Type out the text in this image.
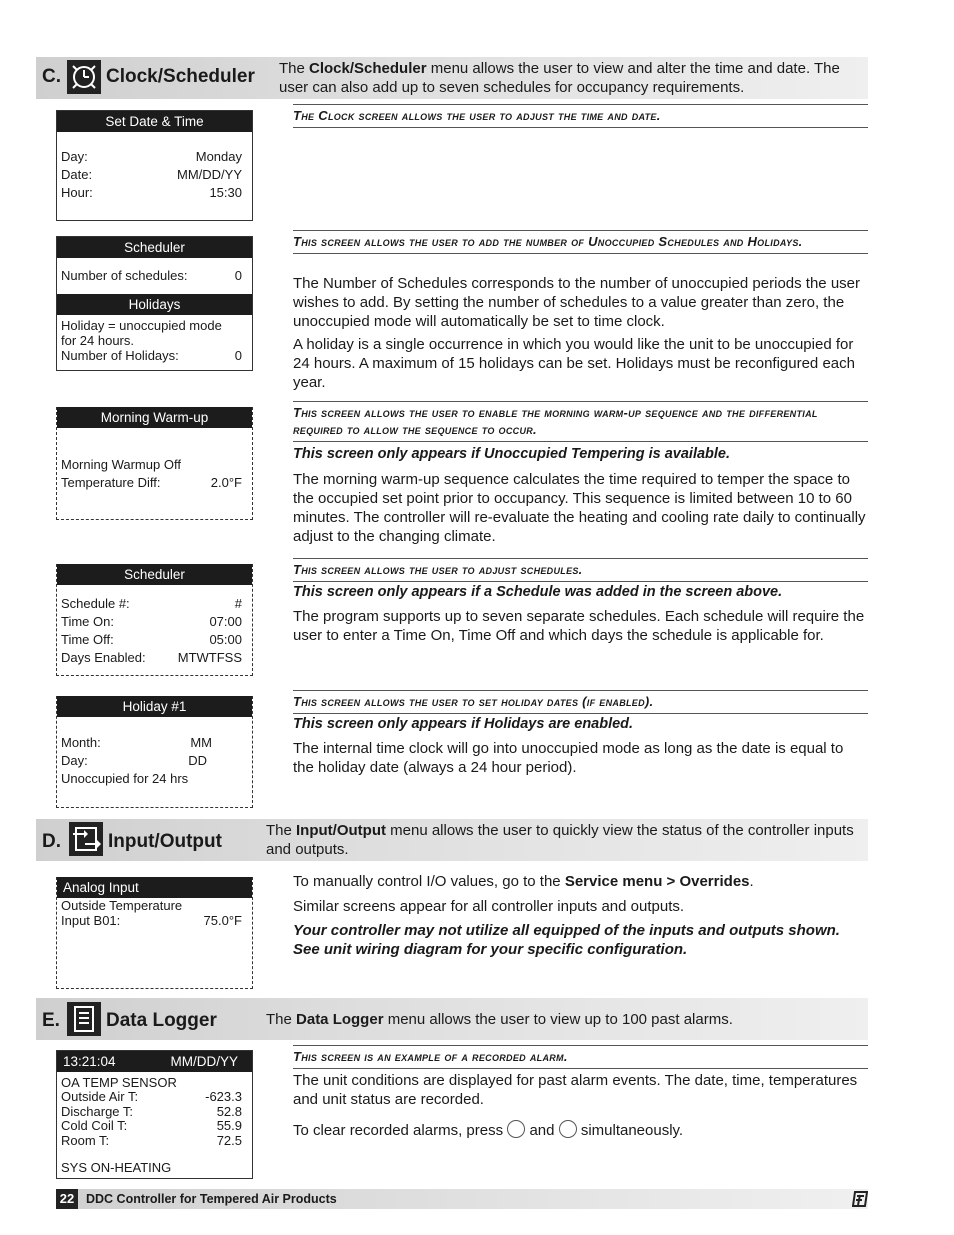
C. Clock/Scheduler The Clock/Scheduler menu allows the user to view and alter the time and date. The user can also add up to seven schedules for occupancy requirements.
Set Date & Time
Day:	Monday
Date:	MM/DD/YY
Hour:	15:30
The Clock screen allows the user to adjust the time and date.
Scheduler
Number of schedules:	0
Holidays
Holiday = unoccupied mode
for 24 hours.
Number of Holidays:	0
This screen allows the user to add the number of Unoccupied Schedules and Holidays.
The Number of Schedules corresponds to the number of unoccupied periods the user wishes to add. By setting the number of schedules to a value greater than zero, the unoccupied mode will automatically be set to time clock.
A holiday is a single occurrence in which you would like the unit to be unoccupied for 24 hours. A maximum of 15 holidays can be set. Holidays must be reconfigured each year.
Morning Warm-up
Morning Warmup Off
Temperature Diff:	2.0°F
This screen allows the user to enable the morning warm-up sequence and the differential required to allow the sequence to occur.
This screen only appears if Unoccupied Tempering is available.
The morning warm-up sequence calculates the time required to temper the space to the occupied set point prior to occupancy. This sequence is limited between 10 to 60 minutes. The controller will re-evaluate the heating and cooling rate daily to continually adjust to the changing climate.
Scheduler
Schedule #:	#
Time On:	07:00
Time Off:	05:00
Days Enabled: MTWTFSS
This screen allows the user to adjust schedules.
This screen only appears if a Schedule was added in the screen above.
The program supports up to seven separate schedules. Each schedule will require the user to enter a Time On, Time Off and which days the schedule is applicable for.
Holiday #1
Month:	MM
Day:	DD
Unoccupied for 24 hrs
This screen allows the user to set holiday dates (if enabled).
This screen only appears if Holidays are enabled.
The internal time clock will go into unoccupied mode as long as the date is equal to the holiday date (always a 24 hour period).
D. Input/Output
The Input/Output menu allows the user to quickly view the status of the controller inputs and outputs.
Analog Input
Outside Temperature
Input B01:	75.0°F
To manually control I/O values, go to the Service menu > Overrides.
Similar screens appear for all controller inputs and outputs.
Your controller may not utilize all equipped of the inputs and outputs shown. See unit wiring diagram for your specific configuration.
E. Data Logger	The Data Logger menu allows the user to view up to 100 past alarms.
13:21:04	MM/DD/YY
OA TEMP SENSOR
Outside Air T:	-623.3
Discharge T:	52.8
Cold Coil T:	55.9
Room T:	72.5
SYS ON-HEATING
This screen is an example of a recorded alarm.
The unit conditions are displayed for past alarm events. The date, time, temperatures and unit status are recorded.
To clear recorded alarms, press and simultaneously.
22 DDC Controller for Tempered Air Products
